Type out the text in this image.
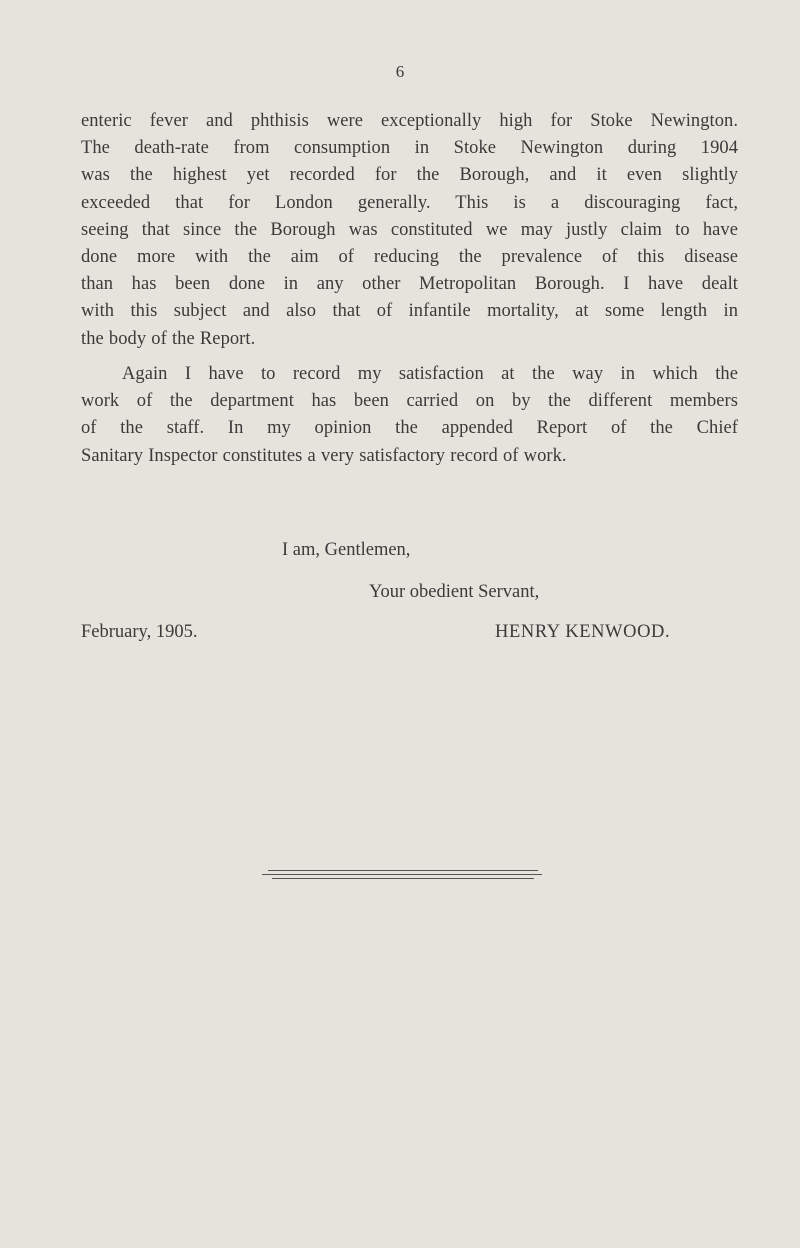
6

enteric fever and phthisis were exceptionally high for Stoke Newington.
The death-rate from consumption in Stoke Newington during 1904
was the highest yet recorded for the Borough, and it even slightly
exceeded that for London generally. This is a discouraging fact,
seeing that since the Borough was constituted we may justly claim to have
done more with the aim of reducing the prevalence of this disease
than has been done in any other Metropolitan Borough. I have dealt
with this subject and also that of infantile mortality, at some length in
the body of the Report.

Again I have to record my satisfaction at the way in which the
work of the department has been carried on by the different members
of the staff. In my opinion the appended Report of the Chief
Sanitary Inspector constitutes a very satisfactory record of work.

I am, Gentlemen,
Your obedient Servant,
February, 1905.	HENRY KENWOOD.
